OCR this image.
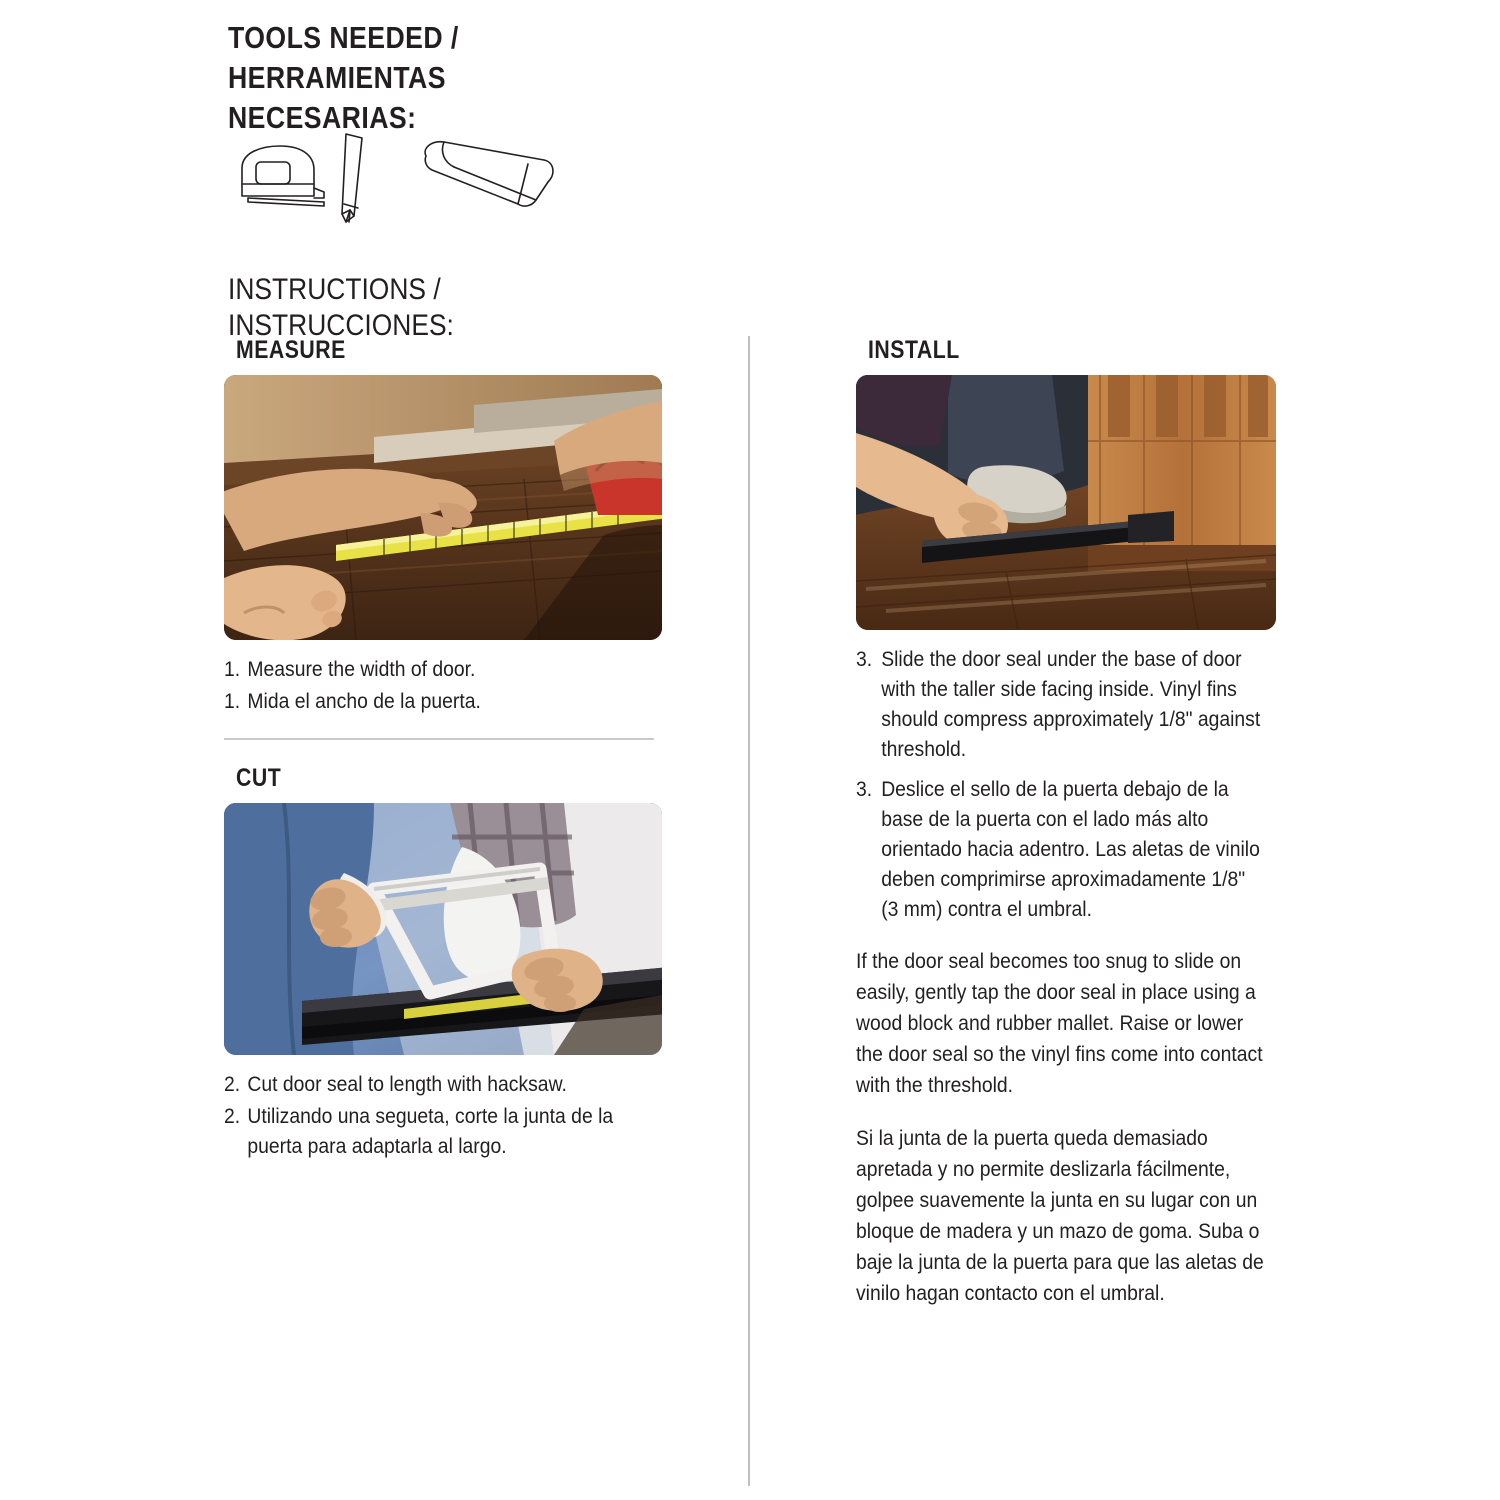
TOOLS NEEDED / HERRAMIENTAS NECESARIAS:
INSTRUCTIONS / INSTRUCCIONES:
MEASURE
1. Measure the width of door.
1. Mida el ancho de la puerta.
CUT
2. Cut door seal to length with hacksaw.
2. Utilizando una segueta, corte la junta de la puerta para adaptarla al largo.
INSTALL
3. Slide the door seal under the base of door with the taller side facing inside. Vinyl fins should compress approximately 1/8" against threshold.
3. Deslice el sello de la puerta debajo de la base de la puerta con el lado más alto orientado hacia adentro. Las aletas de vinilo deben comprimirse aproximadamente 1/8" (3 mm) contra el umbral.
If the door seal becomes too snug to slide on easily, gently tap the door seal in place using a wood block and rubber mallet. Raise or lower the door seal so the vinyl fins come into contact with the threshold.
Si la junta de la puerta queda demasiado apretada y no permite deslizarla fácilmente, golpee suavemente la junta en su lugar con un bloque de madera y un mazo de goma. Suba o baje la junta de la puerta para que las aletas de vinilo hagan contacto con el umbral.
